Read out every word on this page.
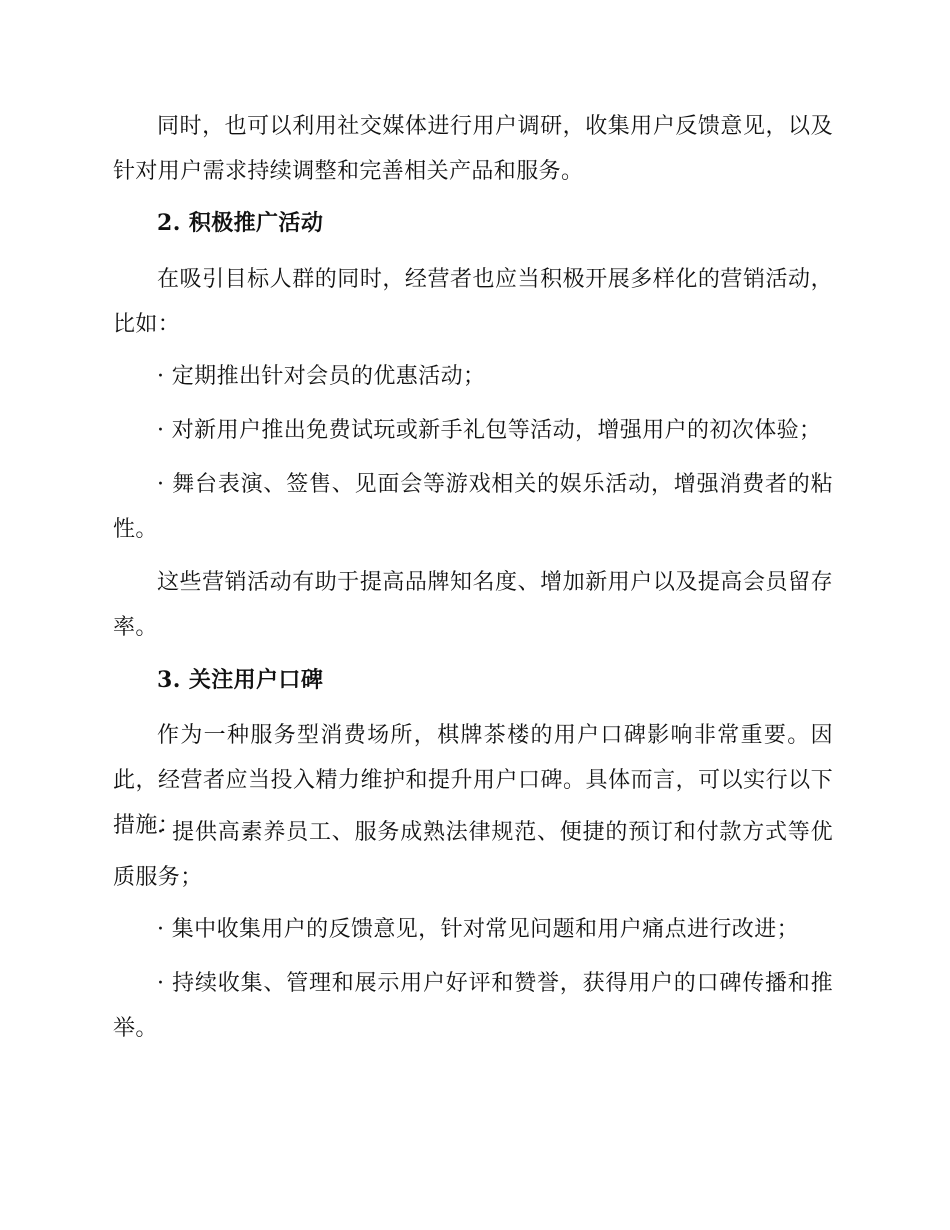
同时，也可以利用社交媒体进行用户调研，收集用户反馈意见，以及针对用户需求持续调整和完善相关产品和服务。

2. 积极推广活动

在吸引目标人群的同时，经营者也应当积极开展多样化的营销活动，比如：

· 定期推出针对会员的优惠活动；

· 对新用户推出免费试玩或新手礼包等活动，增强用户的初次体验；

· 舞台表演、签售、见面会等游戏相关的娱乐活动，增强消费者的粘性。

这些营销活动有助于提高品牌知名度、增加新用户以及提高会员留存率。

3. 关注用户口碑

作为一种服务型消费场所，棋牌茶楼的用户口碑影响非常重要。因此，经营者应当投入精力维护和提升用户口碑。具体而言，可以实行以下措施：

· 提供高素养员工、服务成熟法律规范、便捷的预订和付款方式等优质服务；

· 集中收集用户的反馈意见，针对常见问题和用户痛点进行改进；

· 持续收集、管理和展示用户好评和赞誉，获得用户的口碑传播和推举。
